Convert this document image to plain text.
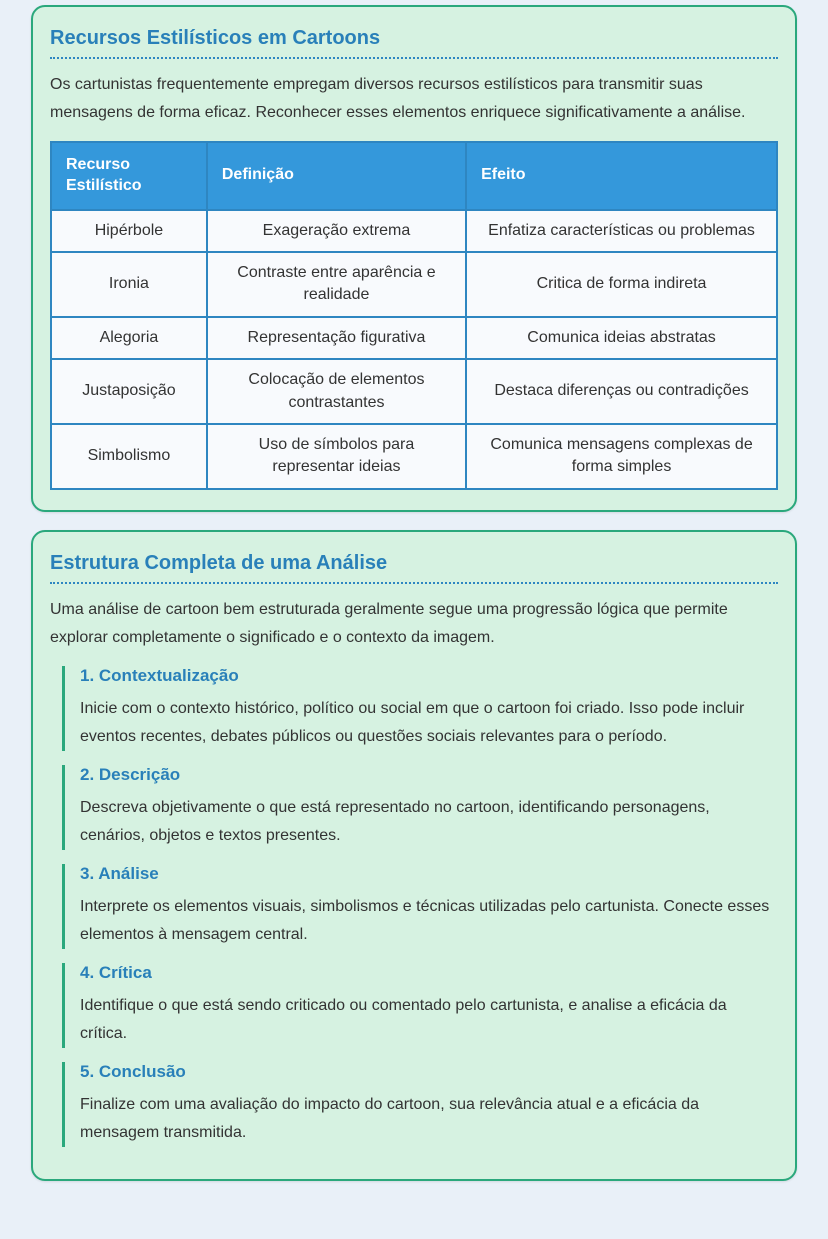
Recursos Estilísticos em Cartoons

Os cartunistas frequentemente empregam diversos recursos estilísticos para transmitir suas mensagens de forma eficaz. Reconhecer esses elementos enriquece significativamente a análise.

Recurso Estilístico	Definição	Efeito
Hipérbole	Exageração extrema	Enfatiza características ou problemas
Ironia	Contraste entre aparência e realidade	Critica de forma indireta
Alegoria	Representação figurativa	Comunica ideias abstratas
Justaposição	Colocação de elementos contrastantes	Destaca diferenças ou contradições
Simbolismo	Uso de símbolos para representar ideias	Comunica mensagens complexas de forma simples
Estrutura Completa de uma Análise

Uma análise de cartoon bem estruturada geralmente segue uma progressão lógica que permite explorar completamente o significado e o contexto da imagem.

1. Contextualização

Inicie com o contexto histórico, político ou social em que o cartoon foi criado. Isso pode incluir eventos recentes, debates públicos ou questões sociais relevantes para o período.

2. Descrição

Descreva objetivamente o que está representado no cartoon, identificando personagens, cenários, objetos e textos presentes.

3. Análise

Interprete os elementos visuais, simbolismos e técnicas utilizadas pelo cartunista. Conecte esses elementos à mensagem central.

4. Crítica

Identifique o que está sendo criticado ou comentado pelo cartunista, e analise a eficácia da crítica.

5. Conclusão

Finalize com uma avaliação do impacto do cartoon, sua relevância atual e a eficácia da mensagem transmitida.
